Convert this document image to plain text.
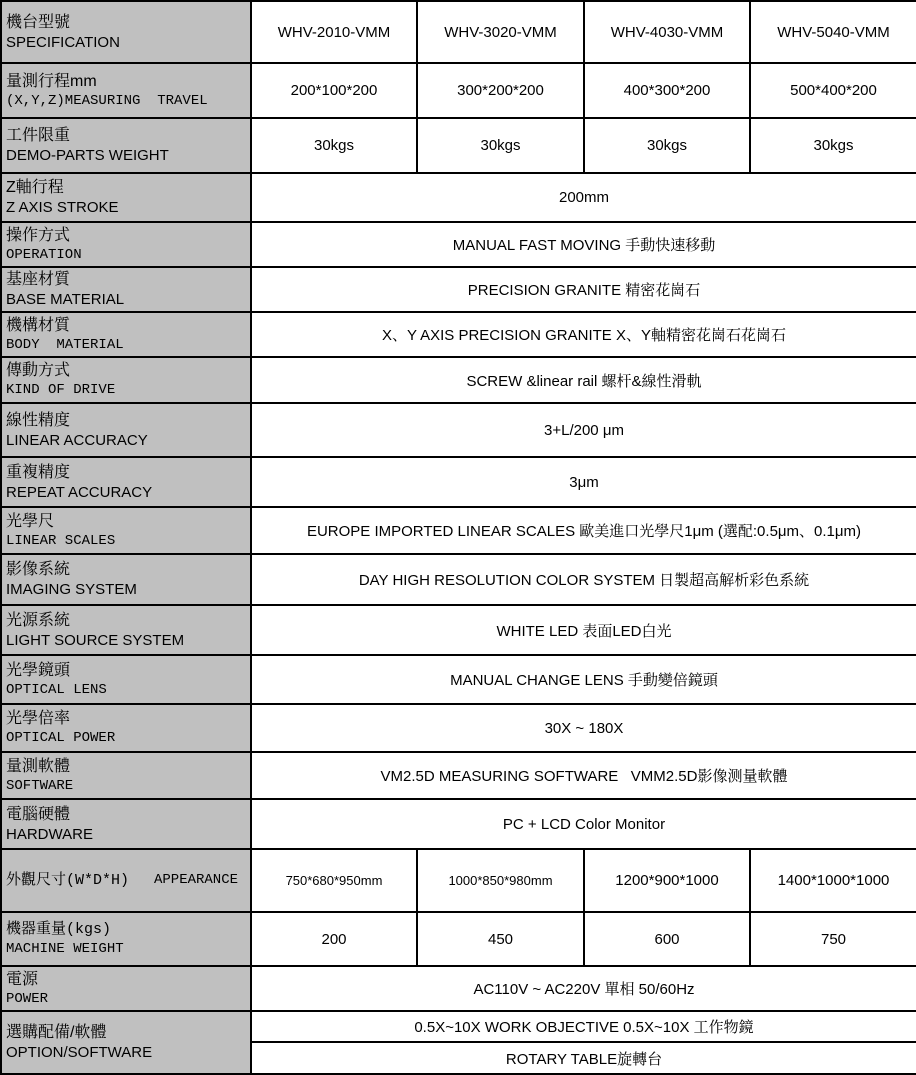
機台型號
SPECIFICATION	WHV-2010-VMM	WHV-3020-VMM	WHV-4030-VMM	WHV-5040-VMM

量測行程mm
(X,Y,Z)MEASURING  TRAVEL	200*100*200	300*200*200	400*300*200	500*400*200

工件限重
DEMO-PARTS WEIGHT	30kgs	30kgs	30kgs	30kgs

Z軸行程
Z AXIS STROKE	200mm			

操作方式
OPERATION	MANUAL FAST MOVING 手動快速移動			

基座材質
BASE MATERIAL	PRECISION GRANITE 精密花崗石			

機構材質
BODY  MATERIAL	X、Y AXIS PRECISION GRANITE X、Y軸精密花崗石花崗石			

傳動方式
KIND OF DRIVE	SCREW &linear rail 螺杆&線性滑軌			

線性精度
LINEAR ACCURACY	3+L/200 μm			

重複精度
REPEAT ACCURACY	3μm			

光學尺
LINEAR SCALES	EUROPE IMPORTED LINEAR SCALES 歐美進口光學尺1μm (選配:0.5μm、0.1μm)			

影像系統
IMAGING SYSTEM	DAY HIGH RESOLUTION COLOR SYSTEM 日製超高解析彩色系統			

光源系統
LIGHT SOURCE SYSTEM	WHITE LED 表面LED白光			

光學鏡頭
OPTICAL LENS	MANUAL CHANGE LENS 手動變倍鏡頭			

光學倍率
OPTICAL POWER	30X ~ 180X			

量測軟體
SOFTWARE	VM2.5D MEASURING SOFTWARE   VMM2.5D影像测量軟體			

電腦硬體
HARDWARE	PC + LCD Color Monitor			

外觀尺寸(W*D*H) APPEARANCE	750*680*950mm	1000*850*980mm	1200*900*1000	1400*1000*1000

機器重量(kgs)
MACHINE WEIGHT	200	450	600	750

電源
POWER	AC110V ~ AC220V 單相 50/60Hz			

選購配備/軟體
OPTION/SOFTWARE	0.5X~10X WORK OBJECTIVE 0.5X~10X 工作物鏡			
	ROTARY TABLE旋轉台			
